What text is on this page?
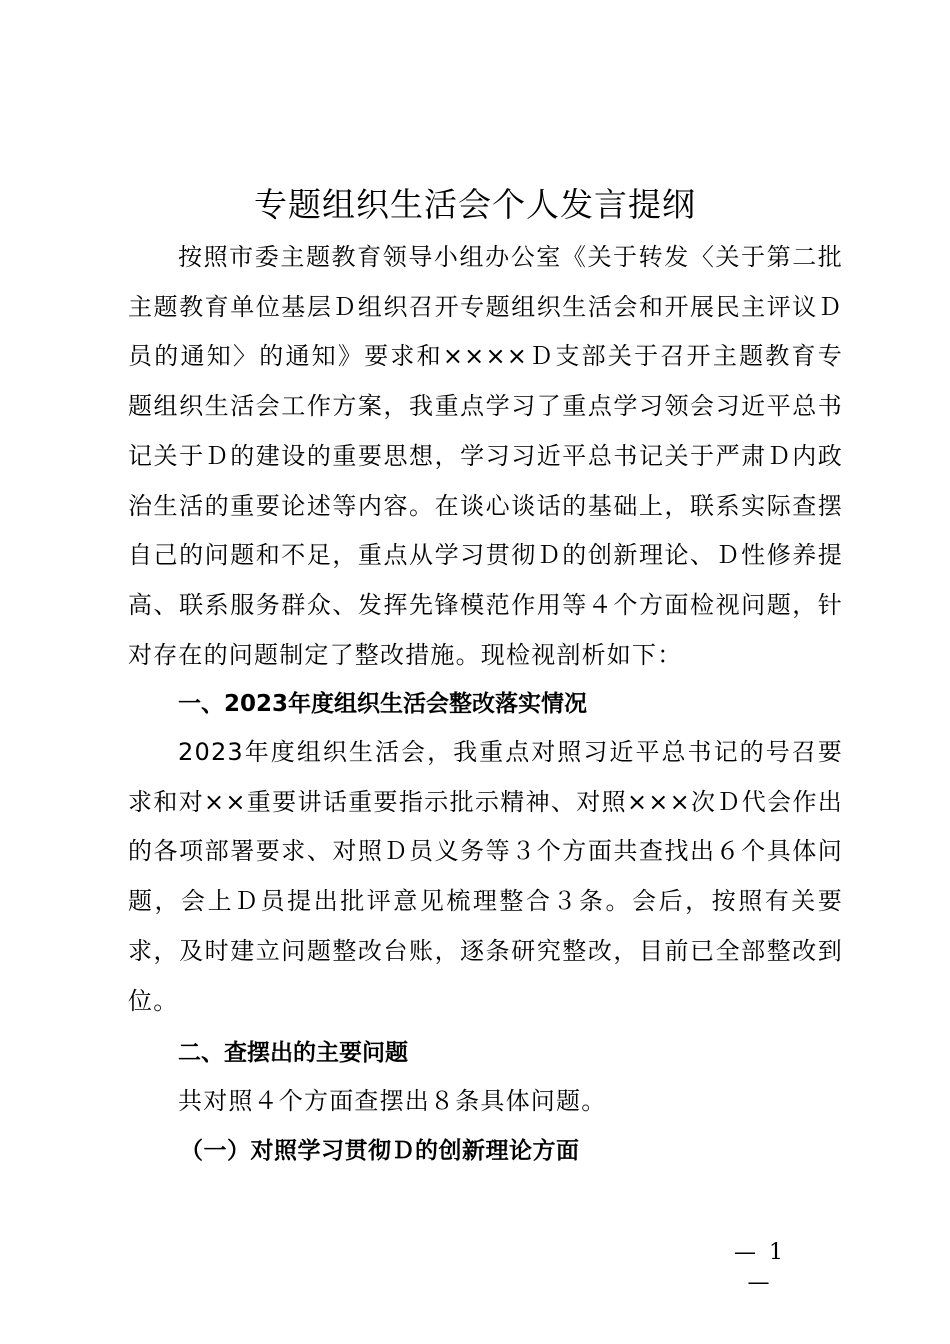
专题组织生活会个人发言提纲

按照市委主题教育领导小组办公室《关于转发〈关于第二批主题教育单位基层Ｄ组织召开专题组织生活会和开展民主评议Ｄ员的通知〉的通知》要求和××××Ｄ支部关于召开主题教育专题组织生活会工作方案，我重点学习了重点学习领会习近平总书记关于Ｄ的建设的重要思想，学习习近平总书记关于严肃Ｄ内政治生活的重要论述等内容。在谈心谈话的基础上，联系实际查摆自己的问题和不足，重点从学习贯彻Ｄ的创新理论、Ｄ性修养提高、联系服务群众、发挥先锋模范作用等４个方面检视问题，针对存在的问题制定了整改措施。现检视剖析如下：

一、2023年度组织生活会整改落实情况

2023年度组织生活会，我重点对照习近平总书记的号召要求和对××重要讲话重要指示批示精神、对照×××次Ｄ代会作出的各项部署要求、对照Ｄ员义务等３个方面共查找出６个具体问题，会上Ｄ员提出批评意见梳理整合３条。会后，按照有关要求，及时建立问题整改台账，逐条研究整改，目前已全部整改到位。

二、查摆出的主要问题

共对照４个方面查摆出８条具体问题。

（一）对照学习贯彻Ｄ的创新理论方面
— 1 —
